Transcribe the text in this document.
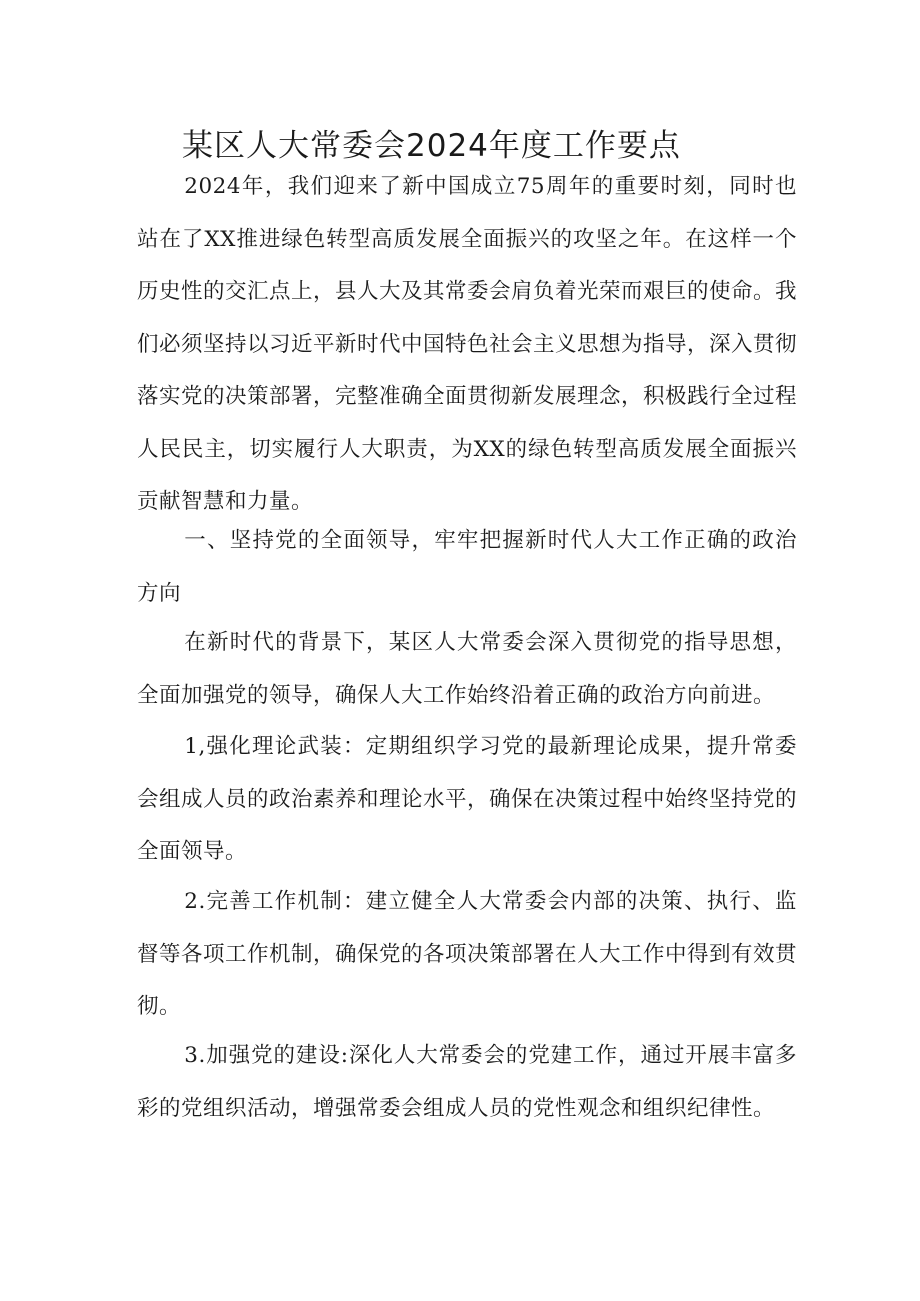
某区人大常委会2024年度工作要点

2024年，我们迎来了新中国成立75周年的重要时刻，同时也站在了XX推进绿色转型高质发展全面振兴的攻坚之年。在这样一个历史性的交汇点上，县人大及其常委会肩负着光荣而艰巨的使命。我们必须坚持以习近平新时代中国特色社会主义思想为指导，深入贯彻落实党的决策部署，完整准确全面贯彻新发展理念，积极践行全过程人民民主，切实履行人大职责，为XX的绿色转型高质发展全面振兴贡献智慧和力量。

一、坚持党的全面领导，牢牢把握新时代人大工作正确的政治方向

在新时代的背景下，某区人大常委会深入贯彻党的指导思想，全面加强党的领导，确保人大工作始终沿着正确的政治方向前进。

1,强化理论武装：定期组织学习党的最新理论成果，提升常委会组成人员的政治素养和理论水平，确保在决策过程中始终坚持党的全面领导。

2.完善工作机制：建立健全人大常委会内部的决策、执行、监督等各项工作机制，确保党的各项决策部署在人大工作中得到有效贯彻。

3.加强党的建设:深化人大常委会的党建工作，通过开展丰富多彩的党组织活动，增强常委会组成人员的党性观念和组织纪律性。
